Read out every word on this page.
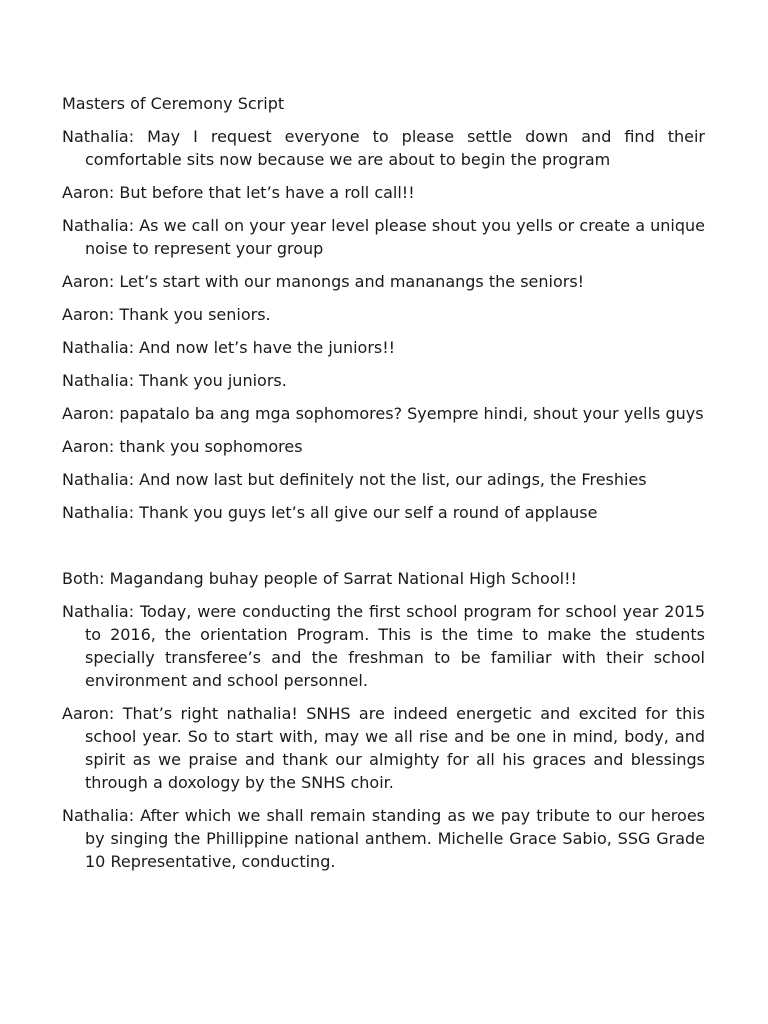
Masters of Ceremony Script

Nathalia: May I request everyone to please settle down and find their comfortable sits now because we are about to begin the program

Aaron: But before that let’s have a roll call!!

Nathalia: As we call on your year level please shout you yells or create a unique noise to represent your group

Aaron: Let’s start with our manongs and mananangs the seniors!

Aaron: Thank you seniors.

Nathalia: And now let’s have the juniors!!

Nathalia: Thank you juniors.

Aaron: papatalo ba ang mga sophomores? Syempre hindi, shout your yells guys

Aaron: thank you sophomores

Nathalia: And now last but definitely not the list, our adings, the Freshies

Nathalia: Thank you guys let’s all give our self a round of applause

Both: Magandang buhay people of Sarrat National High School!!

Nathalia: Today, were conducting the first school program for school year 2015 to 2016, the orientation Program. This is the time to make the students specially transferee’s and the freshman to be familiar with their school environment and school personnel.

Aaron: That’s right nathalia! SNHS are indeed energetic and excited for this school year. So to start with, may we all rise and be one in mind, body, and spirit as we praise and thank our almighty for all his graces and blessings through a doxology by the SNHS choir.

Nathalia: After which we shall remain standing as we pay tribute to our heroes by singing the Phillippine national anthem. Michelle Grace Sabio, SSG Grade 10 Representative, conducting.
